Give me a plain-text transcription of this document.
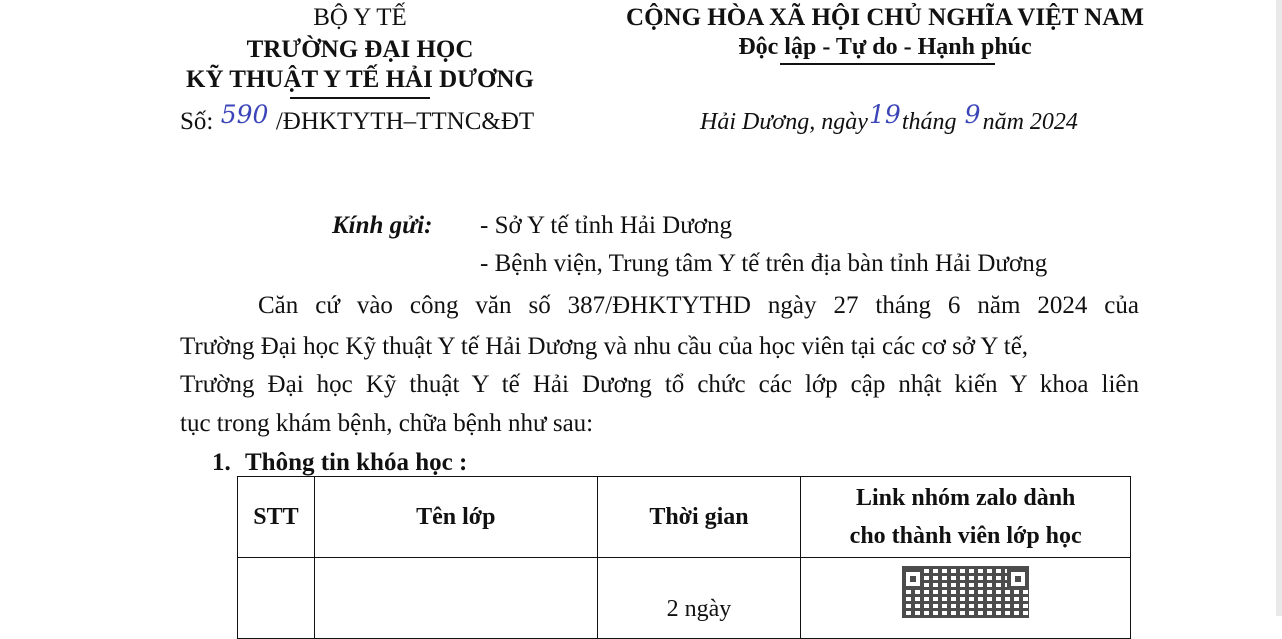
BỘ Y TẾ
TRƯỜNG ĐẠI HỌC
KỸ THUẬT Y TẾ HẢI DƯƠNG
Số: 590 /ĐHKTYTH–TTNC&ĐT
CỘNG HÒA XÃ HỘI CHỦ NGHĨA VIỆT NAM
Độc lập - Tự do - Hạnh phúc
Hải Dương, ngày19tháng 9năm 2024
Kính gửi: - Sở Y tế tỉnh Hải Dương
- Bệnh viện, Trung tâm Y tế trên địa bàn tỉnh Hải Dương
Căn cứ vào công văn số 387/ĐHKTYTHD ngày 27 tháng 6 năm 2024 của
Trường Đại học Kỹ thuật Y tế Hải Dương và nhu cầu của học viên tại các cơ sở Y tế,
Trường Đại học Kỹ thuật Y tế Hải Dương tổ chức các lớp cập nhật kiến Y khoa liên
tục trong khám bệnh, chữa bệnh như sau:
1. Thông tin khóa học :
STT	Tên lớp	Thời gian	Link nhóm zalo dành
cho thành viên lớp học

		2 ngày	
